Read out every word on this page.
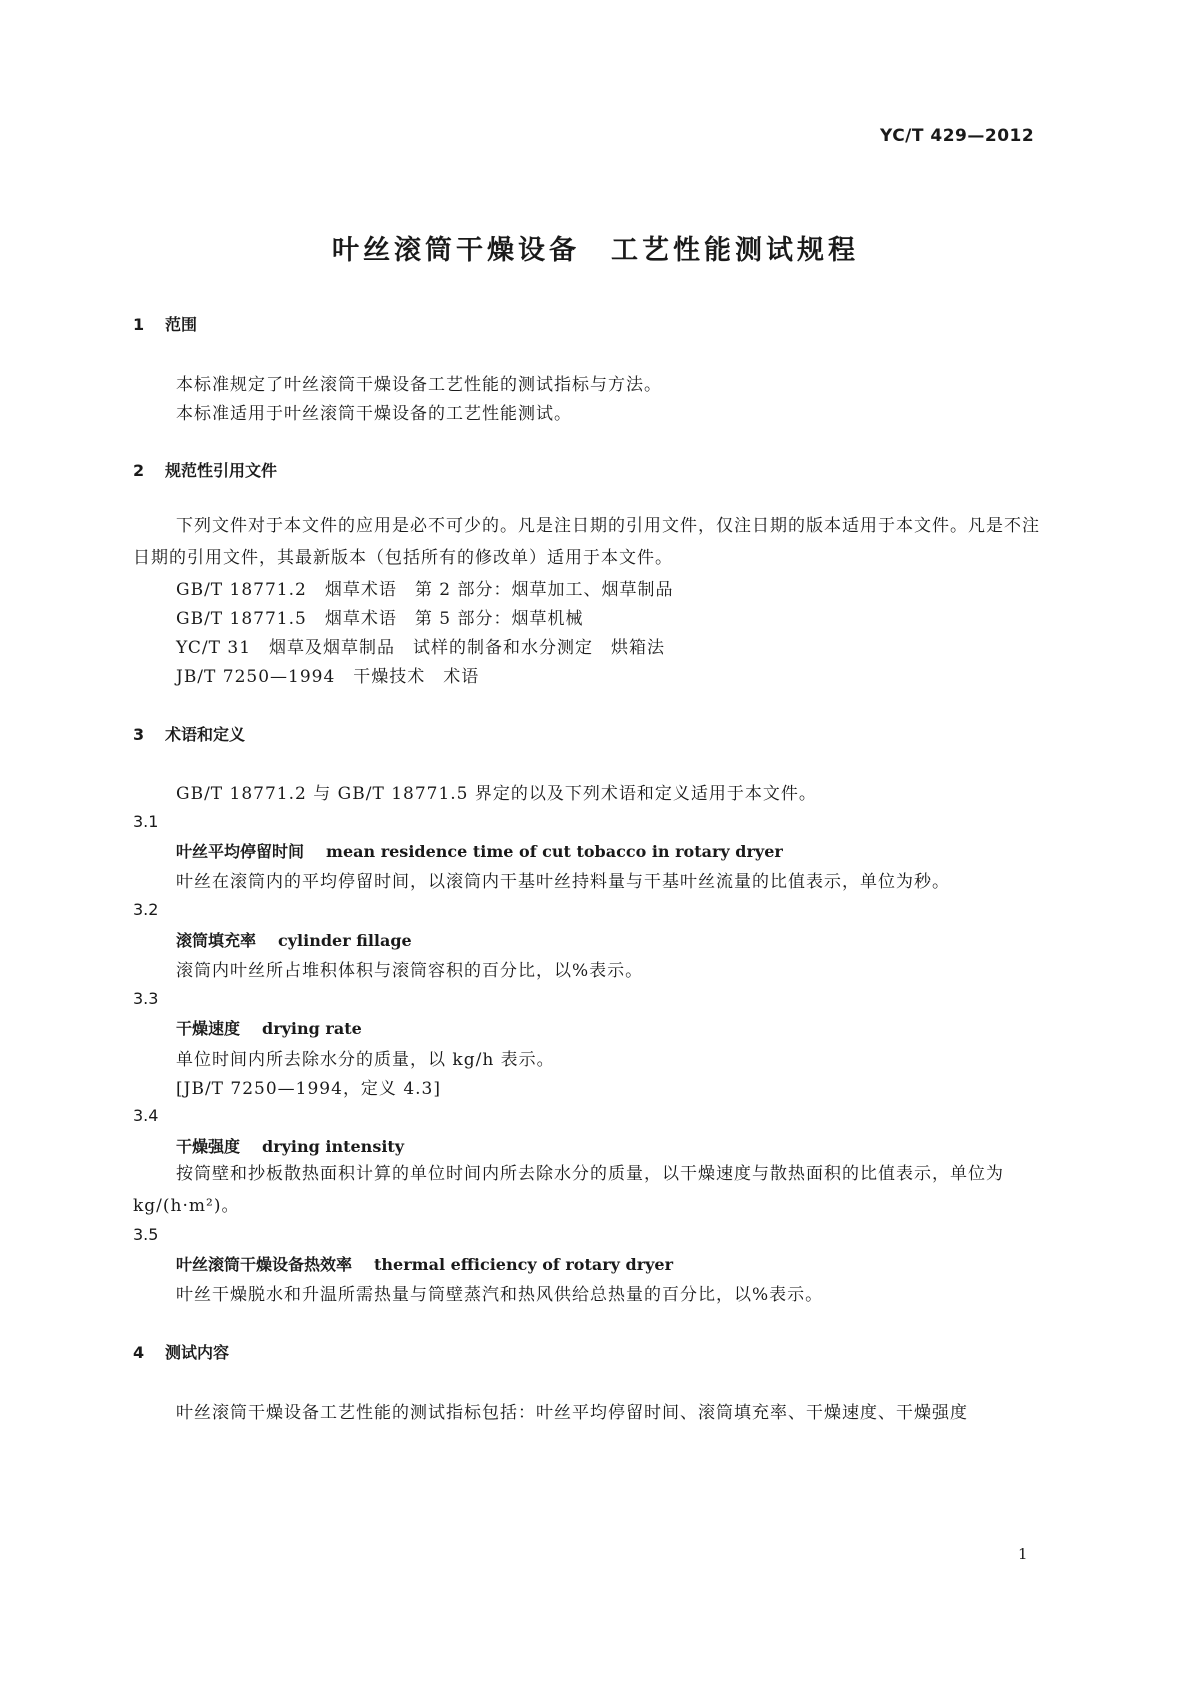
YC/T 429—2012
叶丝滚筒干燥设备　工艺性能测试规程
1 范围
本标准规定了叶丝滚筒干燥设备工艺性能的测试指标与方法。
本标准适用于叶丝滚筒干燥设备的工艺性能测试。
2 规范性引用文件
下列文件对于本文件的应用是必不可少的。凡是注日期的引用文件，仅注日期的版本适用于本文件。凡是不注日期的引用文件，其最新版本（包括所有的修改单）适用于本文件。
GB/T 18771.2　烟草术语　第 2 部分：烟草加工、烟草制品
GB/T 18771.5　烟草术语　第 5 部分：烟草机械
YC/T 31　烟草及烟草制品　试样的制备和水分测定　烘箱法
JB/T 7250—1994　干燥技术　术语
3 术语和定义
GB/T 18771.2 与 GB/T 18771.5 界定的以及下列术语和定义适用于本文件。
3.1
叶丝平均停留时间 mean residence time of cut tobacco in rotary dryer
叶丝在滚筒内的平均停留时间，以滚筒内干基叶丝持料量与干基叶丝流量的比值表示，单位为秒。
3.2
滚筒填充率 cylinder fillage
滚筒内叶丝所占堆积体积与滚筒容积的百分比，以%表示。
3.3
干燥速度 drying rate
单位时间内所去除水分的质量，以 kg/h 表示。
[JB/T 7250—1994，定义 4.3]
3.4
干燥强度 drying intensity
按筒壁和抄板散热面积计算的单位时间内所去除水分的质量，以干燥速度与散热面积的比值表示，单位为 kg/(h·m²)。
3.5
叶丝滚筒干燥设备热效率 thermal efficiency of rotary dryer
叶丝干燥脱水和升温所需热量与筒壁蒸汽和热风供给总热量的百分比，以%表示。
4 测试内容
叶丝滚筒干燥设备工艺性能的测试指标包括：叶丝平均停留时间、滚筒填充率、干燥速度、干燥强度
1
